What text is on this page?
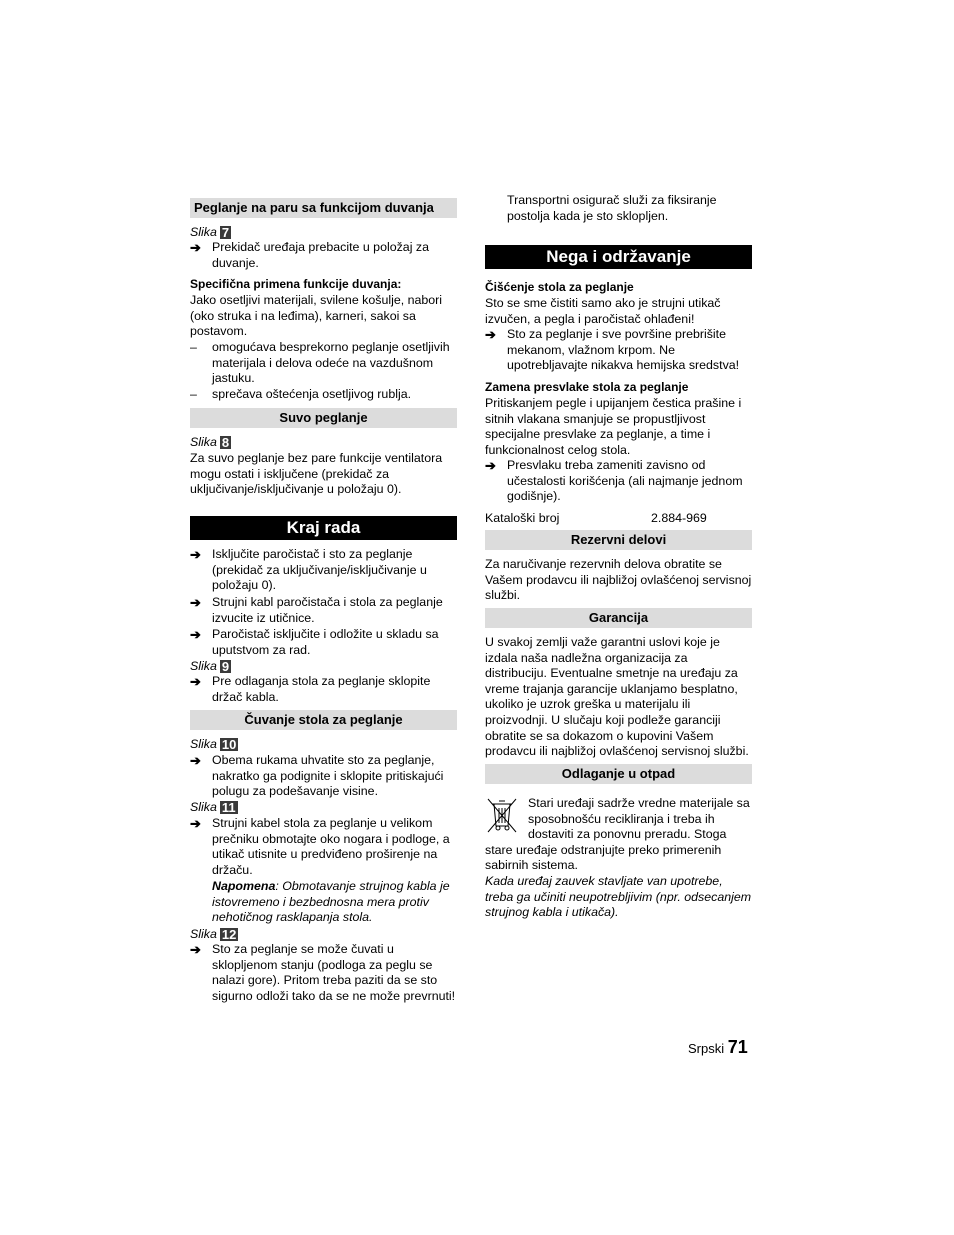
Peglanje na paru sa funkcijom duvanja
Slika 7
➔ Prekidač uređaja prebacite u položaj za duvanje.
Specifična primena funkcije duvanja:
Jako osetljivi materijali, svilene košulje, nabori (oko struka i na leđima), karneri, sakoi sa postavom.
– omogućava besprekorno peglanje osetljivih materijala i delova odeće na vazdušnom jastuku.
– sprečava oštećenja osetljivog rublja.
Suvo peglanje
Slika 8
Za suvo peglanje bez pare funkcije ventilatora mogu ostati i isključene (prekidač za uključivanje/isključivanje u položaju 0).
Kraj rada
➔ Isključite paročistač i sto za peglanje (prekidač za uključivanje/isključivanje u položaju 0).
➔ Strujni kabl paročistača i stola za peglanje izvucite iz utičnice.
➔ Paročistač isključite i odložite u skladu sa uputstvom za rad.
Slika 9
➔ Pre odlaganja stola za peglanje sklopite držač kabla.
Čuvanje stola za peglanje
Slika 10
➔ Obema rukama uhvatite sto za peglanje, nakratko ga podignite i sklopite pritiskajući polugu za podešavanje visine.
Slika 11
➔ Strujni kabel stola za peglanje u velikom prečniku obmotajte oko nogara i podloge, a utikač utisnite u predviđeno proširenje na držaču.
Napomena: Obmotavanje strujnog kabla je istovremeno i bezbednosna mera protiv nehotičnog rasklapanja stola.
Slika 12
➔ Sto za peglanje se može čuvati u sklopljenom stanju (podloga za peglu se nalazi gore). Pritom treba paziti da se sto sigurno odloži tako da se ne može prevrnuti!
Transportni osigurač služi za fiksiranje postolja kada je sto sklopljen.
Nega i održavanje
Čišćenje stola za peglanje
Sto se sme čistiti samo ako je strujni utikač izvučen, a pegla i paročistač ohlađeni!
➔ Sto za peglanje i sve površine prebrišite mekanom, vlažnom krpom. Ne upotrebljavajte nikakva hemijska sredstva!
Zamena presvlake stola za peglanje
Pritiskanjem pegle i upijanjem čestica prašine i sitnih vlakana smanjuje se propustljivost specijalne presvlake za peglanje, a time i funkcionalnost celog stola.
➔ Presvlaku treba zameniti zavisno od učestalosti korišćenja (ali najmanje jednom godišnje).
Kataloški broj	2.884-969
Rezervni delovi
Za naručivanje rezervnih delova obratite se Vašem prodavcu ili najbližoj ovlašćenoj servisnoj službi.
Garancija
U svakoj zemlji važe garantni uslovi koje je izdala naša nadležna organizacija za distribuciju. Eventualne smetnje na uređaju za vreme trajanja garancije uklanjamo besplatno, ukoliko je uzrok greška u materijalu ili proizvodnji. U slučaju koji podleže garanciji obratite se sa dokazom o kupovini Vašem prodavcu ili najbližoj ovlašćenoj servisnoj službi.
Odlaganje u otpad
Stari uređaji sadrže vredne materijale sa
sposobnošću recikliranja i treba ih
dostaviti za ponovnu preradu. Stoga
stare uređaje odstranjujte preko primerenih sabirnih sistema.
Kada uređaj zauvek stavljate van upotrebe, treba ga učiniti neupotrebljivim (npr. odsecanjem strujnog kabla i utikača).
Srpski 71
